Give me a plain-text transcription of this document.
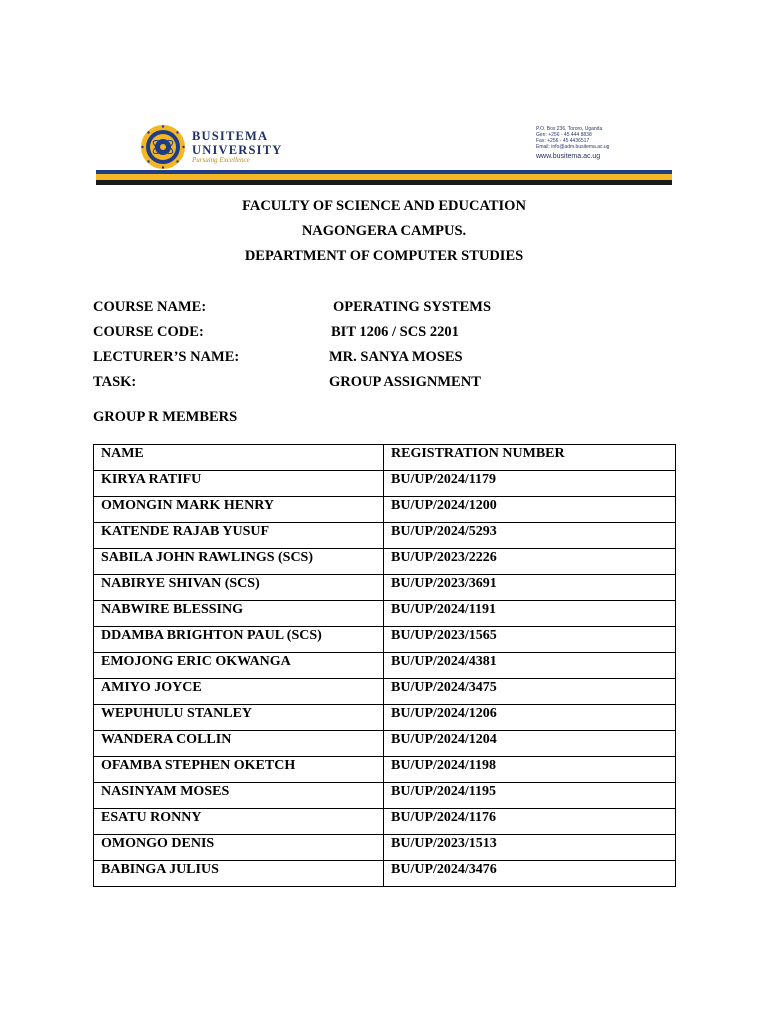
BUSITEMA
UNIVERSITY
Pursuing Excellence
P.O. Box 236, Tororo, Uganda
Gen: +256 - 45 444 8838
Fax: +256 - 45 4436517
Email: info@adm.busitema.ac.ug
www.busitema.ac.ug
FACULTY OF SCIENCE AND EDUCATION
NAGONGERA CAMPUS.
DEPARTMENT OF COMPUTER STUDIES
COURSE NAME:	OPERATING SYSTEMS
COURSE CODE:	BIT 1206 / SCS 2201
LECTURER’S NAME:	MR. SANYA MOSES
TASK:	GROUP ASSIGNMENT
GROUP R MEMBERS
NAME	REGISTRATION NUMBER
KIRYA RATIFU	BU/UP/2024/1179
OMONGIN MARK HENRY	BU/UP/2024/1200
KATENDE RAJAB YUSUF	BU/UP/2024/5293
SABILA JOHN RAWLINGS (SCS)	BU/UP/2023/2226
NABIRYE SHIVAN (SCS)	BU/UP/2023/3691
NABWIRE BLESSING	BU/UP/2024/1191
DDAMBA BRIGHTON PAUL (SCS)	BU/UP/2023/1565
EMOJONG ERIC OKWANGA	BU/UP/2024/4381
AMIYO JOYCE	BU/UP/2024/3475
WEPUHULU STANLEY	BU/UP/2024/1206
WANDERA COLLIN	BU/UP/2024/1204
OFAMBA STEPHEN OKETCH	BU/UP/2024/1198
NASINYAM MOSES	BU/UP/2024/1195
ESATU RONNY	BU/UP/2024/1176
OMONGO DENIS	BU/UP/2023/1513
BABINGA JULIUS	BU/UP/2024/3476
